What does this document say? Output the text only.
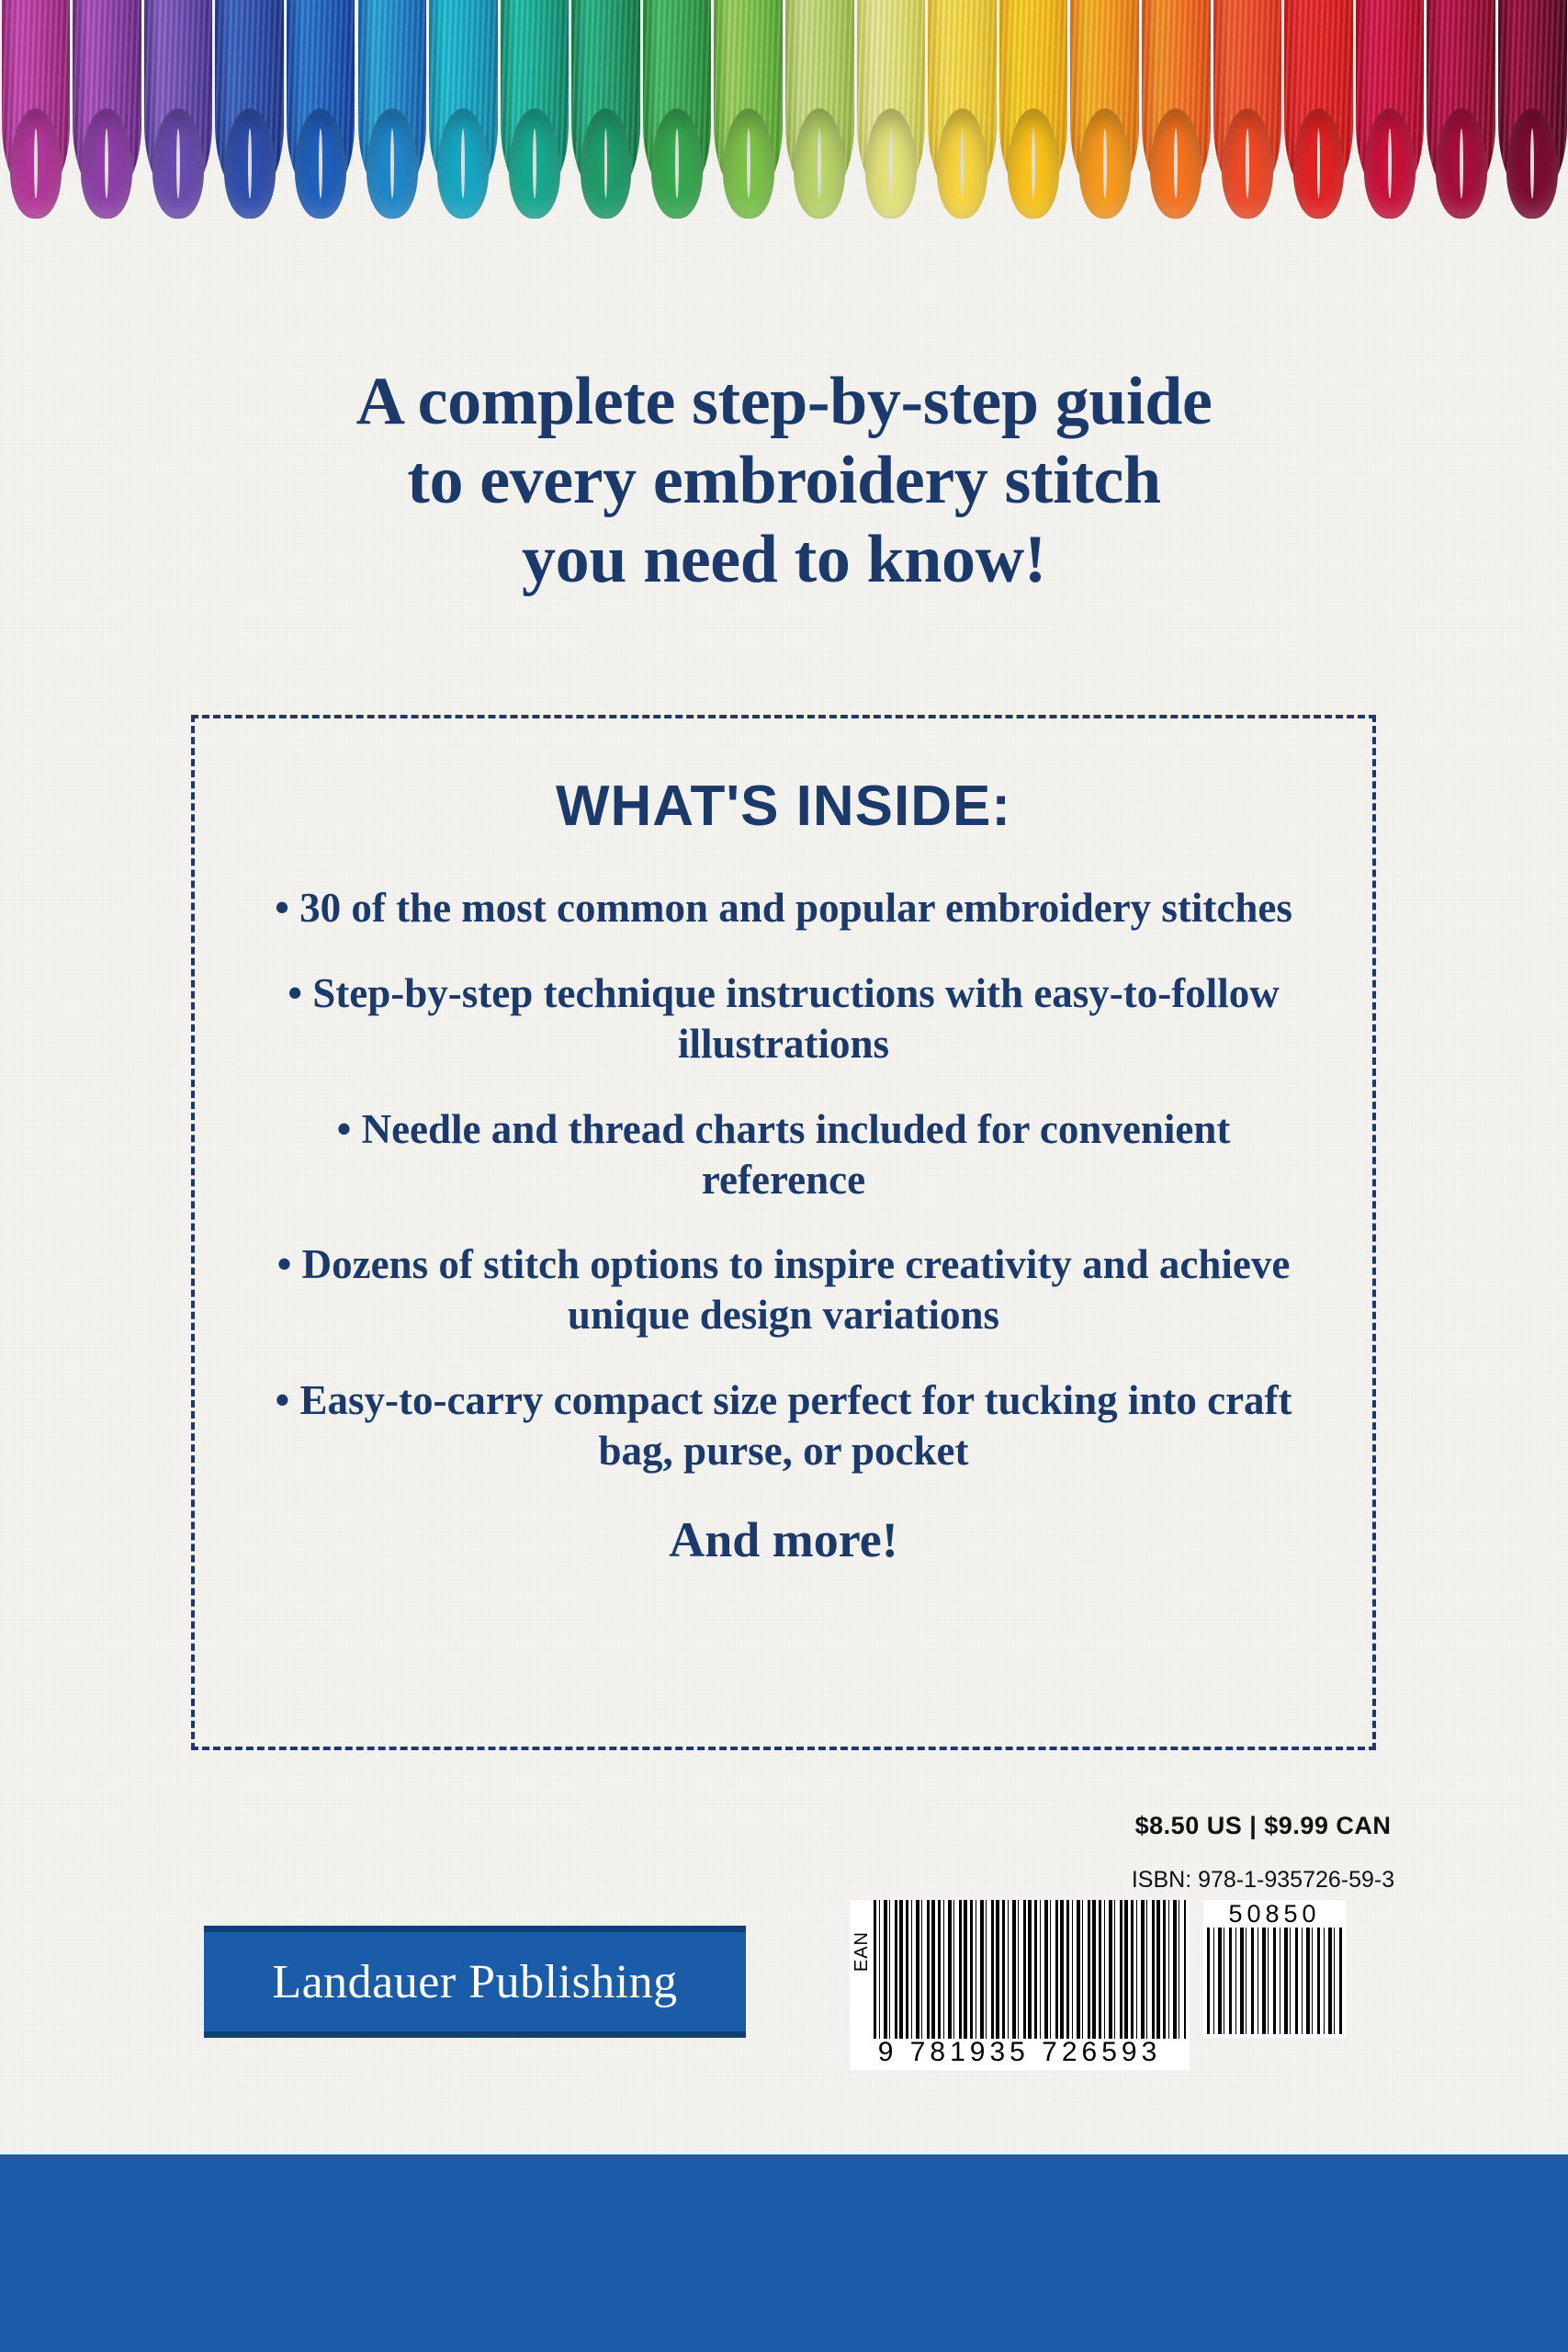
A complete step-by-step guide
to every embroidery stitch
you need to know!
WHAT'S INSIDE:
• 30 of the most common and popular embroidery stitches
• Step-by-step technique instructions with easy-to-follow illustrations
• Needle and thread charts included for convenient reference
• Dozens of stitch options to inspire creativity and achieve unique design variations
• Easy-to-carry compact size perfect for tucking into craft bag, purse, or pocket
And more!
$8.50 US | $9.99 CAN
ISBN: 978-1-935726-59-3
EAN
9 781935 726593
50850
Landauer Publishing
